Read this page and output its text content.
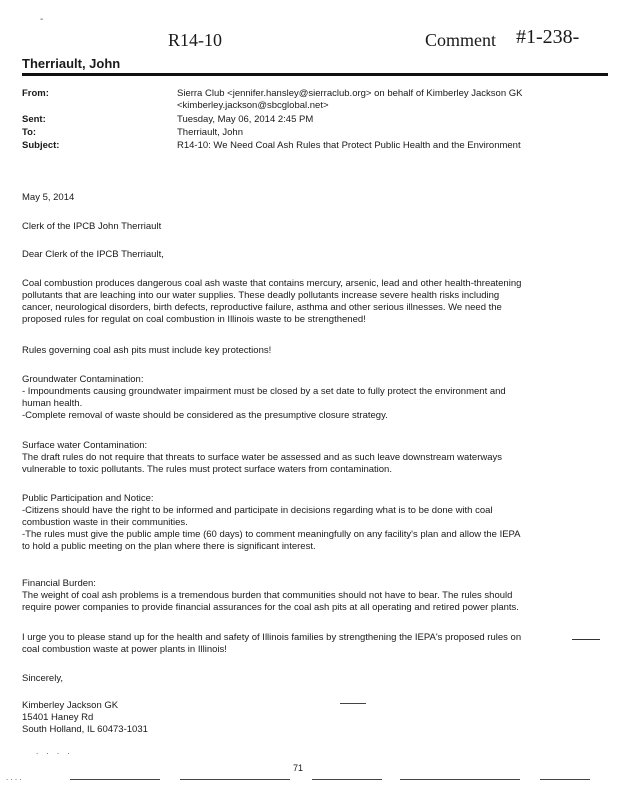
-
R14-10	Comment #1-238-
Therriault, John
From:	Sierra Club <jennifer.hansley@sierraclub.org> on behalf of Kimberley Jackson GK
<kimberley.jackson@sbcglobal.net>
Sent:	Tuesday, May 06, 2014 2:45 PM
To:	Therriault, John
Subject:	R14-10: We Need Coal Ash Rules that Protect Public Health and the Environment
May 5, 2014
Clerk of the IPCB John Therriault
Dear Clerk of the IPCB Therriault,

Coal combustion produces dangerous coal ash waste that contains mercury, arsenic, lead and other health-threatening

pollutants that are leaching into our water supplies. These deadly pollutants increase severe health risks including

cancer, neurological disorders, birth defects, reproductive failure, asthma and other serious illnesses. We need the

proposed rules for regulat on coal combustion in Illinois waste to be strengthened!

Rules governing coal ash pits must include key protections!

Groundwater Contamination:

- Impoundments causing groundwater impairment must be closed by a set date to fully protect the environment and

human health.

-Complete removal of waste should be considered as the presumptive closure strategy.

Surface water Contamination:

The draft rules do not require that threats to surface water be assessed and as such leave downstream waterways

vulnerable to toxic pollutants. The rules must protect surface waters from contamination.

Public Participation and Notice:

-Citizens should have the right to be informed and participate in decisions regarding what is to be done with coal

combustion waste in their communities.

-The rules must give the public ample time (60 days) to comment meaningfully on any facility's plan and allow the IEPA

to hold a public meeting on the plan where there is significant interest.

Financial Burden:

The weight of coal ash problems is a tremendous burden that communities should not have to bear. The rules should

require power companies to provide financial assurances for the coal ash pits at all operating and retired power plants.

I urge you to please stand up for the health and safety of Illinois families by strengthening the IEPA's proposed rules on

coal combustion waste at power plants in Illinois!

Sincerely,

Kimberley Jackson GK

15401 Haney Rd

South Holland, IL 60473-1031

. . . .
71
. . . .
